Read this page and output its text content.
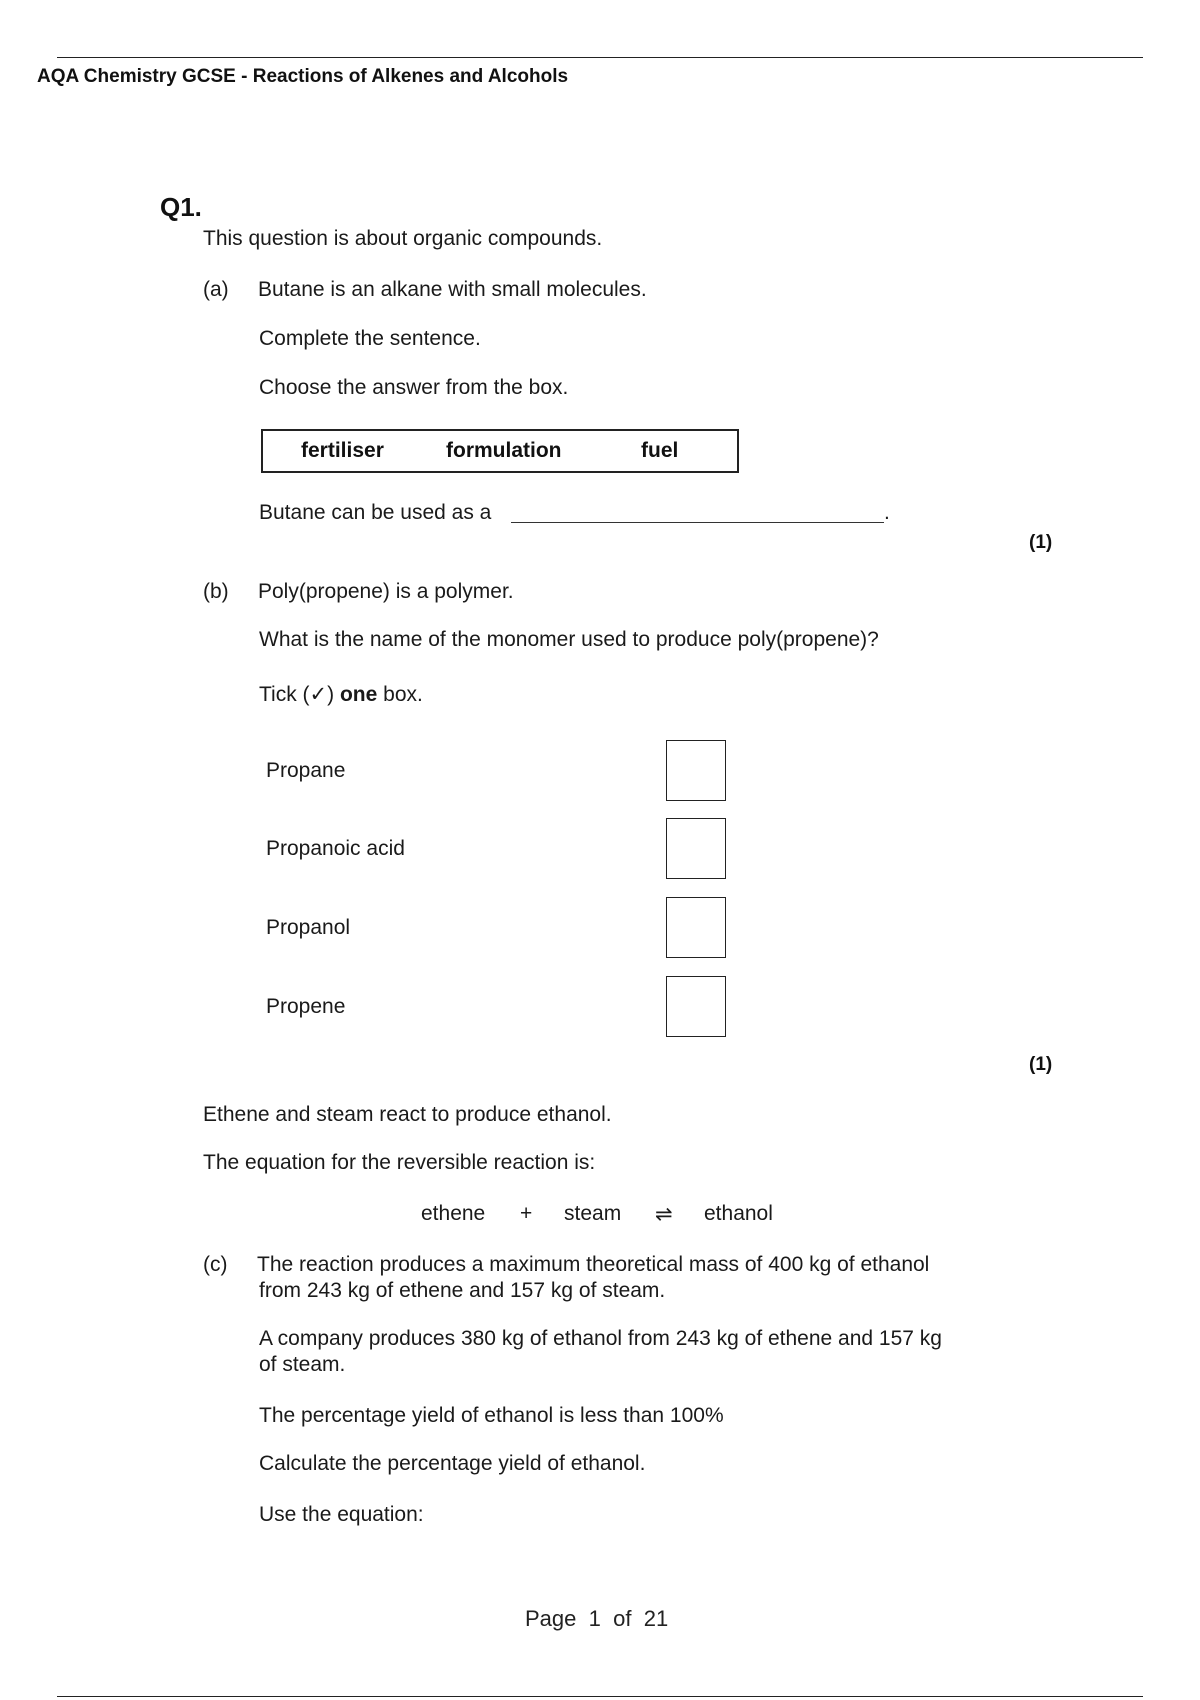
AQA Chemistry GCSE - Reactions of Alkenes and Alcohols
Q1.
This question is about organic compounds.
(a) Butane is an alkane with small molecules.
Complete the sentence.
Choose the answer from the box.
fertiliser	formulation	fuel
Butane can be used as a	.
(1)
(b) Poly(propene) is a polymer.
What is the name of the monomer used to produce poly(propene)?
Tick (✓) one box.
Propane
Propanoic acid
Propanol
Propene
(1)
Ethene and steam react to produce ethanol.
The equation for the reversible reaction is:
ethene + steam ⇌ ethanol
(c) The reaction produces a maximum theoretical mass of 400 kg of ethanol
from 243 kg of ethene and 157 kg of steam.
A company produces 380 kg of ethanol from 243 kg of ethene and 157 kg
of steam.
The percentage yield of ethanol is less than 100%
Calculate the percentage yield of ethanol.
Use the equation:
Page 1 of 21
